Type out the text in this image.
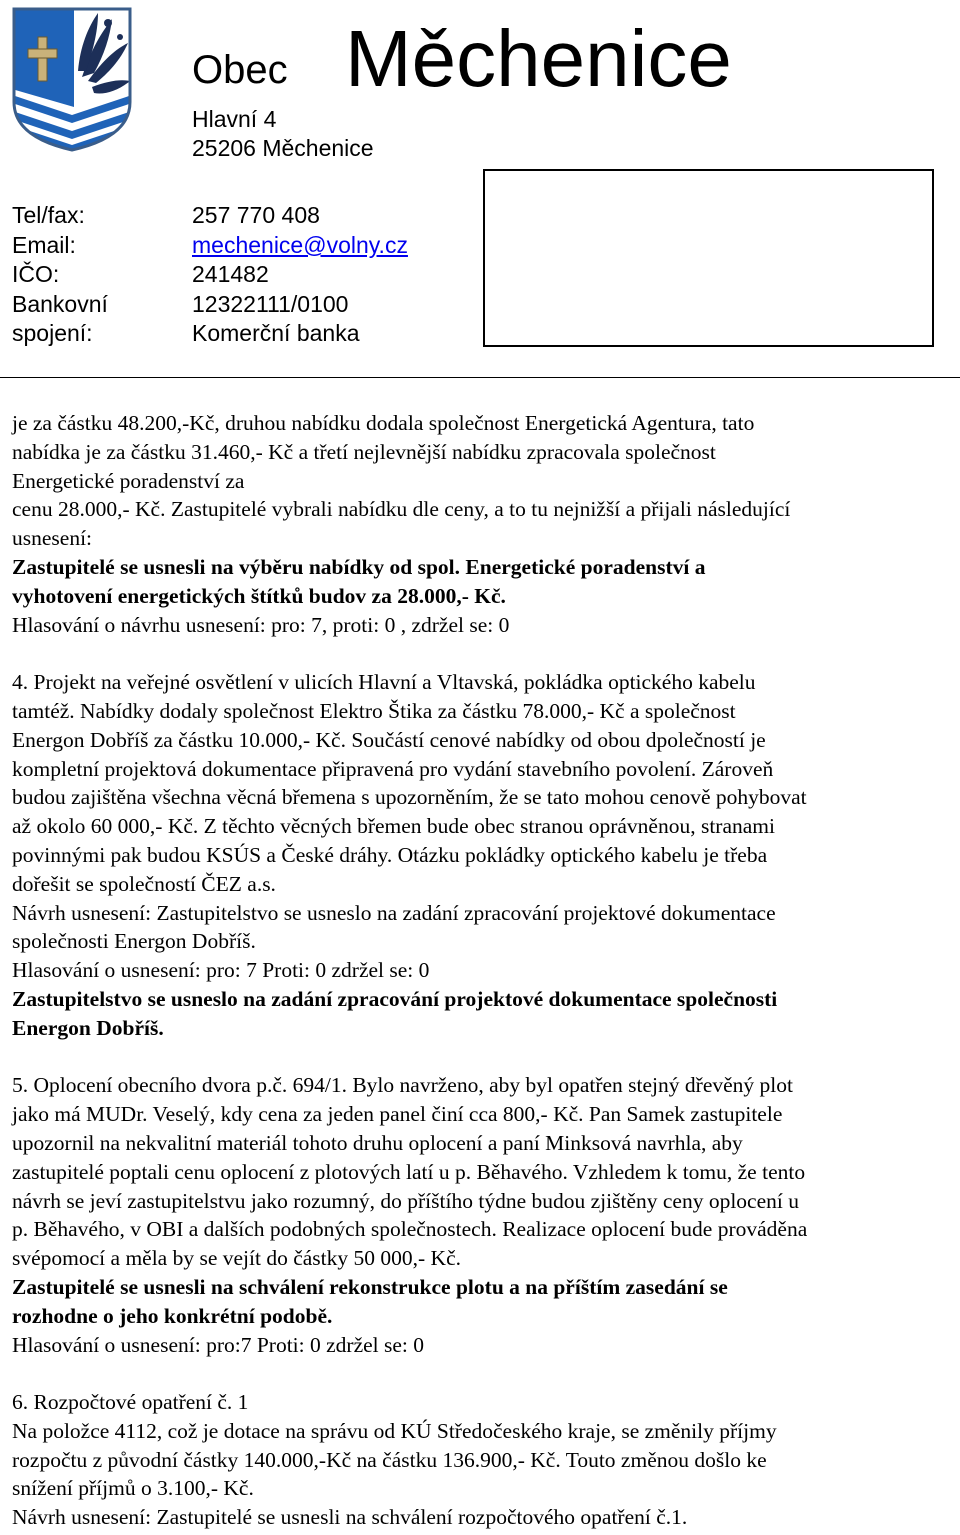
Obec Měchenice
Hlavní 4
25206 Měchenice
Tel/fax:	257 770 408
Email:	mechenice@volny.cz
IČO:	241482
Bankovní	12322111/0100
spojení:	Komerční banka
je za částku 48.200,-Kč, druhou nabídku dodala společnost Energetická Agentura, tato
nabídka je za částku 31.460,- Kč a třetí nejlevnější nabídku zpracovala společnost
Energetické poradenství za
cenu 28.000,- Kč. Zastupitelé vybrali nabídku dle ceny, a to tu nejnižší a přijali následující
usnesení:
Zastupitelé se usnesli na výběru nabídky od spol. Energetické poradenství a
vyhotovení energetických štítků budov za 28.000,- Kč.
Hlasování o návrhu usnesení: pro: 7, proti: 0 , zdržel se: 0
4. Projekt na veřejné osvětlení v ulicích Hlavní a Vltavská, pokládka optického kabelu
tamtéž. Nabídky dodaly společnost Elektro Štika za částku 78.000,- Kč a společnost
Energon Dobříš za částku 10.000,- Kč. Součástí cenové nabídky od obou dpolečností je
kompletní projektová dokumentace připravená pro vydání stavebního povolení. Zároveň
budou zajištěna všechna věcná břemena s upozorněním, že se tato mohou cenově pohybovat
až okolo 60 000,- Kč. Z těchto věcných břemen bude obec stranou oprávněnou, stranami
povinnými pak budou KSÚS a České dráhy. Otázku pokládky optického kabelu je třeba
dořešit se společností ČEZ a.s.
Návrh usnesení: Zastupitelstvo se usneslo na zadání zpracování projektové dokumentace
společnosti Energon Dobříš.
Hlasování o usnesení: pro: 7 Proti: 0 zdržel se: 0
Zastupitelstvo se usneslo na zadání zpracování projektové dokumentace společnosti
Energon Dobříš.
5. Oplocení obecního dvora p.č. 694/1. Bylo navrženo, aby byl opatřen stejný dřevěný plot
jako má MUDr. Veselý, kdy cena za jeden panel činí cca 800,- Kč. Pan Samek zastupitele
upozornil na nekvalitní materiál tohoto druhu oplocení a paní Minksová navrhla, aby
zastupitelé poptali cenu oplocení z plotových latí u p. Běhavého. Vzhledem k tomu, že tento
návrh se jeví zastupitelstvu jako rozumný, do příštího týdne budou zjištěny ceny oplocení u
p. Běhavého, v OBI a dalších podobných společnostech. Realizace oplocení bude prováděna
svépomocí a měla by se vejít do částky 50 000,- Kč.
Zastupitelé se usnesli na schválení rekonstrukce plotu a na příštím zasedání se
rozhodne o jeho konkrétní podobě.
Hlasování o usnesení: pro:7 Proti: 0 zdržel se: 0
6. Rozpočtové opatření č. 1
Na položce 4112, což je dotace na správu od KÚ Středočeského kraje, se změnily příjmy
rozpočtu z původní částky 140.000,-Kč na částku 136.900,- Kč. Touto změnou došlo ke
snížení příjmů o 3.100,- Kč.
Návrh usnesení: Zastupitelé se usnesli na schválení rozpočtového opatření č.1.
